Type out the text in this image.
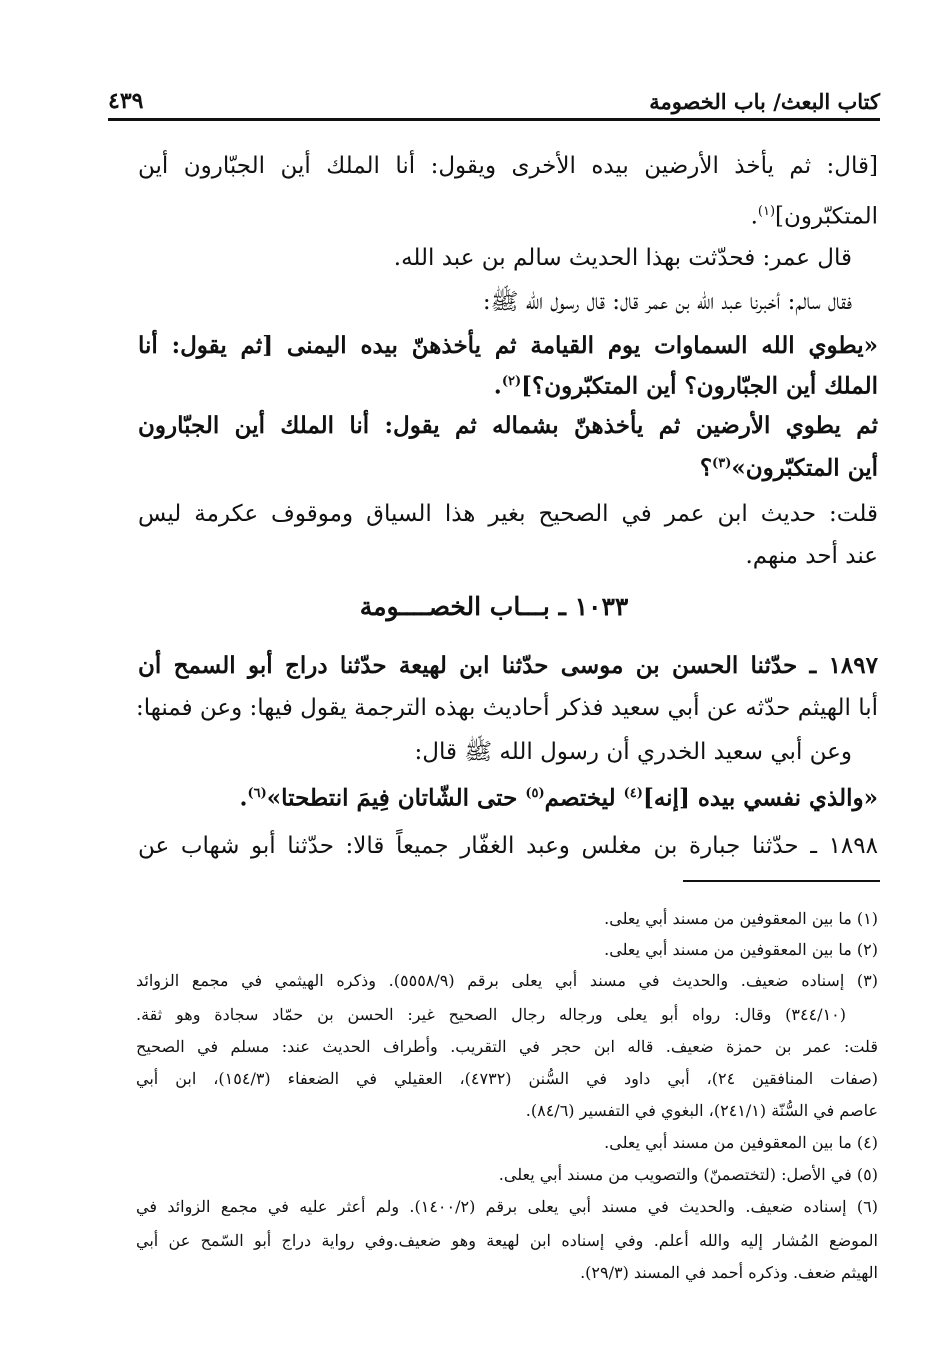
كتاب البعث/ باب الخصومة
٤٣٩
[قال: ثم يأخذ الأرضين بيده الأخرى ويقول: أنا الملك أين الجبّارون أين
المتكبّرون]$^{(١)}$.
قال عمر: فحدّثت بهذا الحديث سالم بن عبد الله.
فقال سالم: أخبرنا عبد الله بن عمر قال: قال رسول الله ﷺ:
«يطوي الله السماوات يوم القيامة ثم يأخذهنّ بيده اليمنى [ثم يقول: أنا
الملك أين الجبّارون؟ أين المتكبّرون؟]$^{(٢)}$.
ثم يطوي الأرضين ثم يأخذهنّ بشماله ثم يقول: أنا الملك أين الجبّارون
أين المتكبّرون»$^{(٣)}$؟
قلت: حديث ابن عمر في الصحيح بغير هذا السياق وموقوف عكرمة ليس
عند أحد منهم.
١٠٣٣ ـ بـــاب الخصــــومة
١٨٩٧ ـ حدّثنا الحسن بن موسى حدّثنا ابن لهيعة حدّثنا دراج أبو السمح أن
أبا الهيثم حدّثه عن أبي سعيد فذكر أحاديث بهذه الترجمة يقول فيها: وعن فمنها:
وعن أبي سعيد الخدري أن رسول الله ﷺ قال:
«والذي نفسي بيده [إنه]$^{(٤)}$ ليختصم$^{(٥)}$ حتى الشّاتان فِيمَ انتطحتا»$^{(٦)}$.
١٨٩٨ ـ حدّثنا جبارة بن مغلس وعبد الغفّار جميعاً قالا: حدّثنا أبو شهاب عن
(١) ما بين المعقوفين من مسند أبي يعلى.
(٢) ما بين المعقوفين من مسند أبي يعلى.
(٣) إسناده ضعيف. والحديث في مسند أبي يعلى برقم (٥٥٥٨/٩). وذكره الهيثمي في مجمع الزوائد
(٣٤٤/١٠) وقال: رواه أبو يعلى ورجاله رجال الصحيح غير: الحسن بن حمّاد سجادة وهو ثقة.
قلت: عمر بن حمزة ضعيف. قاله ابن حجر في التقريب. وأطراف الحديث عند: مسلم في الصحيح
(صفات المنافقين ٢٤)، أبي داود في السُّنن (٤٧٣٢)، العقيلي في الضعفاء (١٥٤/٣)، ابن أبي
عاصم في السُّنّة (٢٤١/١)، البغوي في التفسير (٨٤/٦).
(٤) ما بين المعقوفين من مسند أبي يعلى.
(٥) في الأصل: (لتختصمنّ) والتصويب من مسند أبي يعلى.
(٦) إسناده ضعيف. والحديث في مسند أبي يعلى برقم (١٤٠٠/٢). ولم أعثر عليه في مجمع الزوائد في
الموضع المُشار إليه والله أعلم. وفي إسناده ابن لهيعة وهو ضعيف.وفي رواية دراج أبو السّمح عن أبي
الهيثم ضعف. وذكره أحمد في المسند (٢٩/٣).
